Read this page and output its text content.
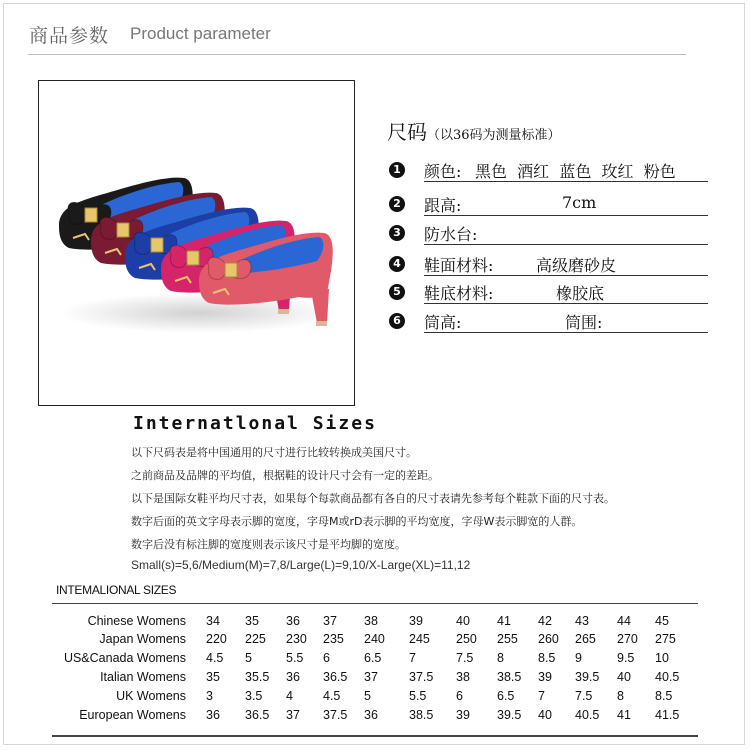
商品参数 Product parameter
尺码（以36码为测量标准）
1 颜色: 黑色  酒红  蓝色  玫红  粉色
2 跟高:	7cm
3 防水台:
4 鞋面材料:	高级磨砂皮
5 鞋底材料:	橡胶底
6 筒高:	筒围:
Internatlonal Sizes
以下尺码表是将中国通用的尺寸进行比较转换成美国尺寸。
之前商品及品牌的平均值，根据鞋的设计尺寸会有一定的差距。
以下是国际女鞋平均尺寸表，如果每个每款商品都有各自的尺寸表请先参考每个鞋款下面的尺寸表。
数字后面的英文字母表示脚的宽度，字母M或rD表示脚的平均宽度，字母W表示脚宽的人群。
数字后没有标注脚的宽度则表示该尺寸是平均脚的宽度。
Small(s)=5,6/Medium(M)=7,8/Large(L)=9,10/X-Large(XL)=11,12
INTEMALIONAL SIZES
Chinese Womens 34 35 36 37 38 39	40 41 42 43 44 45
Japan Womens 220 225 230 235 240 245 250 255 260 265 270 275
US&Canada Womens 4.5 5	5.5 6	6.5 7	7.5 8	8.5 9	9.5 10
Italian Womens 35 35.5 36 36.5 37 37.5 38 38.5 39 39.5 40 40.5
UK Womens 3	3.5 4 4.5 5	5.5 6	6.5 7 7.5 8 8.5
European Womens 36 36.5 37 37.5 36 38.5 39 39.5 40 40.5 41 41.5
